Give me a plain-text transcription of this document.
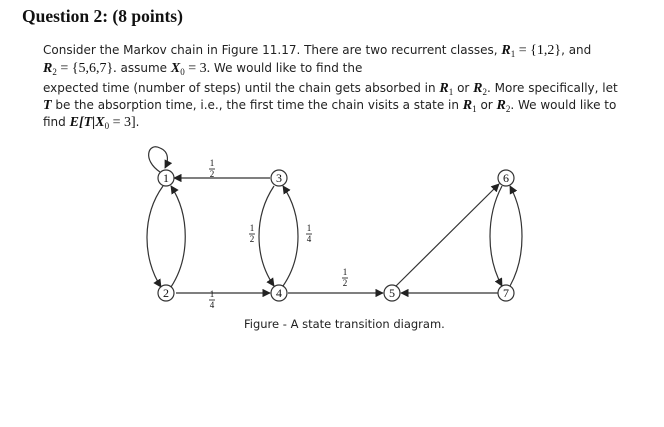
Question 2: (8 points)
Consider the Markov chain in Figure 11.17. There are two recurrent classes, $R_1 = \{1,2\}$, and
$R_2 = \{5,6,7\}$. assume $X_0 = 3$. We would like to find the
expected time (number of steps) until the chain gets absorbed in $R_1$ or $R_2$. More specifically, let
T be the absorption time, i.e., the first time the chain visits a state in $R_1$ or $R_2$. We would like to
find $E[T|X_0 = 3]$.
1
2
3
4	5
6
7
1
2
1
4
1
2
1
4
1
2
Figure - A state transition diagram.
